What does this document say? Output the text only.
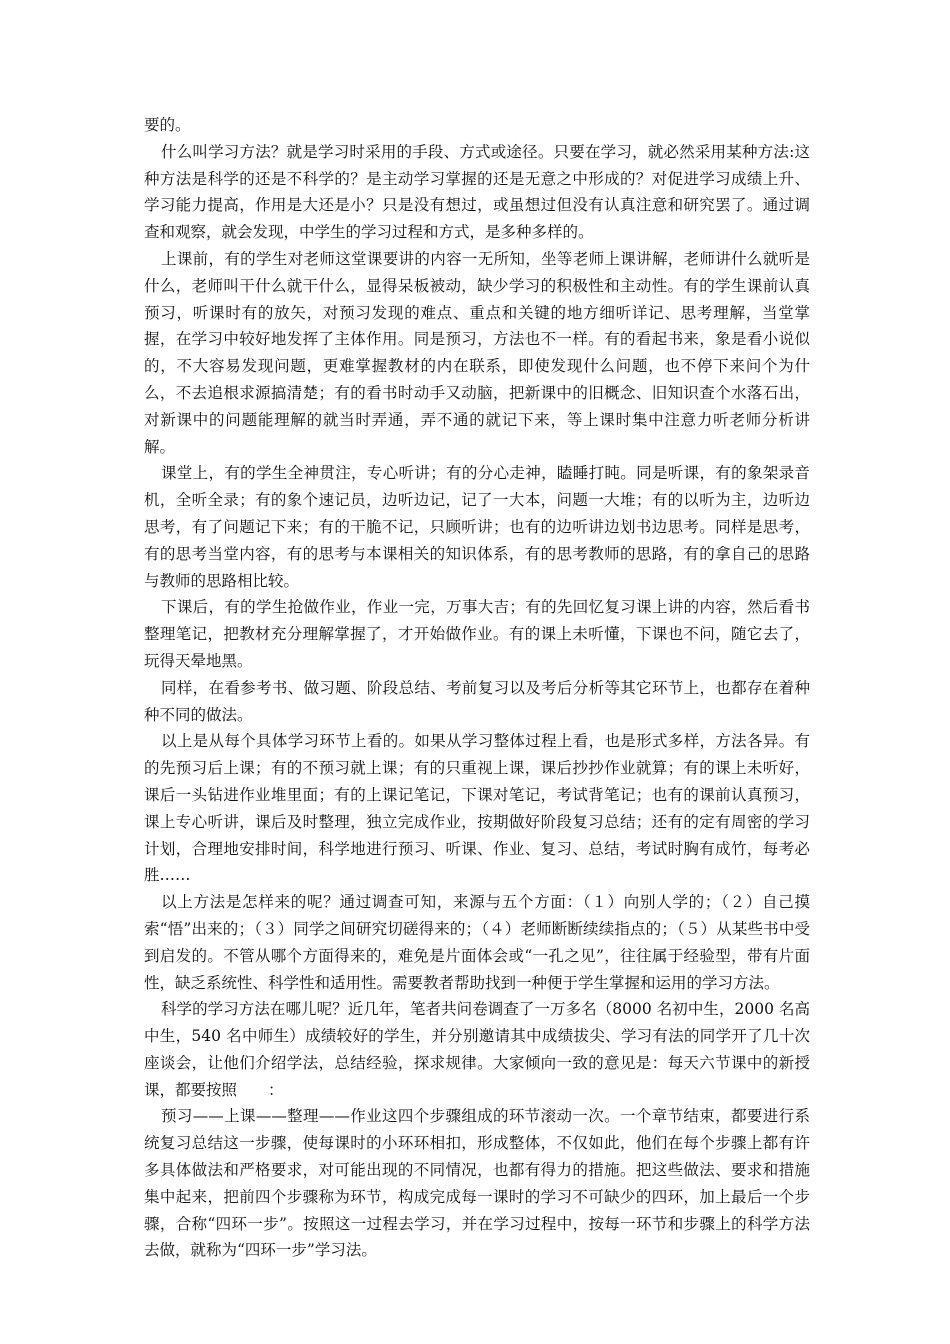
要的。

什么叫学习方法？就是学习时采用的手段、方式或途径。只要在学习，就必然采用某种方法:这种方法是科学的还是不科学的？是主动学习掌握的还是无意之中形成的？对促进学习成绩上升、学习能力提高，作用是大还是小？只是没有想过，或虽想过但没有认真注意和研究罢了。通过调查和观察，就会发现，中学生的学习过程和方式，是多种多样的。

上课前，有的学生对老师这堂课要讲的内容一无所知，坐等老师上课讲解，老师讲什么就听是什么，老师叫干什么就干什么，显得呆板被动，缺少学习的积极性和主动性。有的学生课前认真预习，听课时有的放矢，对预习发现的难点、重点和关键的地方细听详记、思考理解，当堂掌握，在学习中较好地发挥了主体作用。同是预习，方法也不一样。有的看起书来，象是看小说似的，不大容易发现问题，更难掌握教材的内在联系，即使发现什么问题，也不停下来问个为什么，不去追根求源搞清楚；有的看书时动手又动脑，把新课中的旧概念、旧知识查个水落石出，对新课中的问题能理解的就当时弄通，弄不通的就记下来，等上课时集中注意力听老师分析讲解。

课堂上，有的学生全神贯注，专心听讲；有的分心走神，瞌睡打盹。同是听课，有的象架录音机，全听全录；有的象个速记员，边听边记，记了一大本，问题一大堆；有的以听为主，边听边思考，有了问题记下来；有的干脆不记，只顾听讲；也有的边听讲边划书边思考。同样是思考，有的思考当堂内容，有的思考与本课相关的知识体系，有的思考教师的思路，有的拿自己的思路与教师的思路相比较。

下课后，有的学生抢做作业，作业一完，万事大吉；有的先回忆复习课上讲的内容，然后看书整理笔记，把教材充分理解掌握了，才开始做作业。有的课上未听懂，下课也不问，随它去了，玩得天晕地黑。

同样，在看参考书、做习题、阶段总结、考前复习以及考后分析等其它环节上，也都存在着种种不同的做法。

以上是从每个具体学习环节上看的。如果从学习整体过程上看，也是形式多样，方法各异。有的先预习后上课；有的不预习就上课；有的只重视上课，课后抄抄作业就算；有的课上未听好，课后一头钻进作业堆里面；有的上课记笔记，下课对笔记，考试背笔记；也有的课前认真预习，课上专心听讲，课后及时整理，独立完成作业，按期做好阶段复习总结；还有的定有周密的学习计划，合理地安排时间，科学地进行预习、听课、作业、复习、总结，考试时胸有成竹，每考必胜……

以上方法是怎样来的呢？通过调查可知，来源与五个方面：（１）向别人学的；（２）自己摸索“悟”出来的；（３）同学之间研究切磋得来的；（４）老师断断续续指点的；（５）从某些书中受到启发的。不管从哪个方面得来的，难免是片面体会或“一孔之见”，往往属于经验型，带有片面性，缺乏系统性、科学性和适用性。需要教者帮助找到一种便于学生掌握和运用的学习方法。

科学的学习方法在哪儿呢？近几年，笔者共问卷调查了一万多名（8000 名初中生，2000 名高中生，540 名中师生）成绩较好的学生，并分别邀请其中成绩拔尖、学习有法的同学开了几十次座谈会，让他们介绍学法，总结经验，探求规律。大家倾向一致的意见是：每天六节课中的新授课，都要按照　　：

预习——上课——整理——作业这四个步骤组成的环节滚动一次。一个章节结束，都要进行系统复习总结这一步骤，使每课时的小环环相扣，形成整体，不仅如此，他们在每个步骤上都有许多具体做法和严格要求，对可能出现的不同情况，也都有得力的措施。把这些做法、要求和措施集中起来，把前四个步骤称为环节，构成完成每一课时的学习不可缺少的四环，加上最后一个步骤，合称“四环一步”。按照这一过程去学习，并在学习过程中，按每一环节和步骤上的科学方法去做，就称为“四环一步”学习法。
